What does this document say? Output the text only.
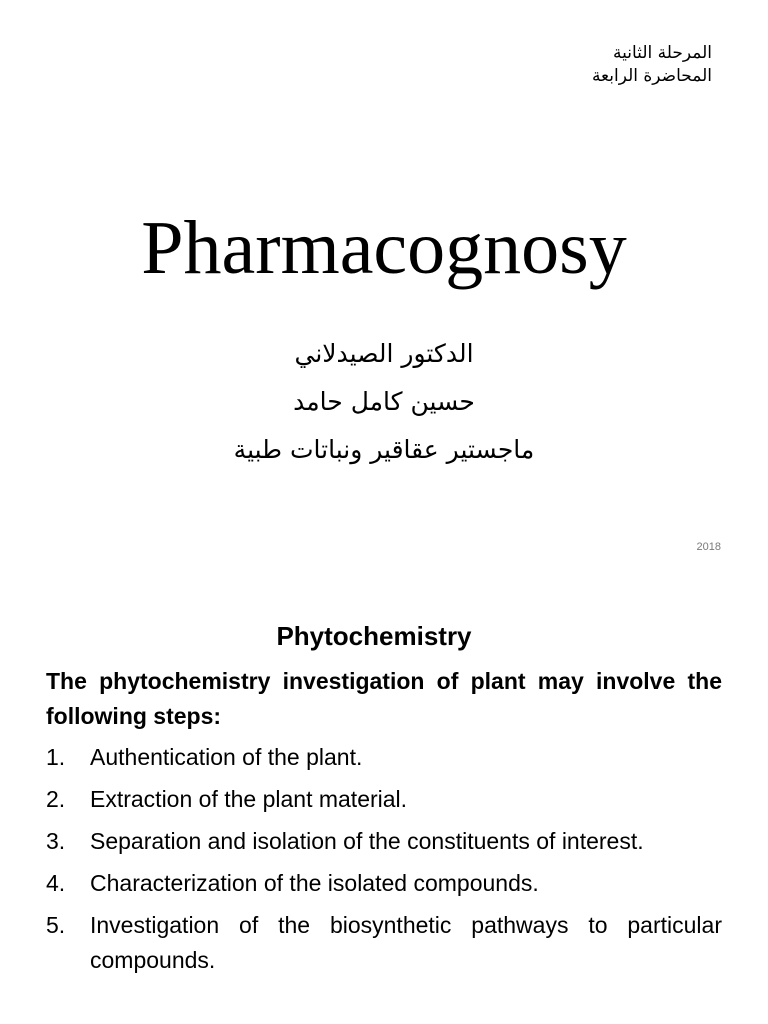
المرحلة الثانية
المحاضرة الرابعة
Pharmacognosy
الدكتور الصيدلاني
حسين كامل حامد
ماجستير عقاقير ونباتات طبية
2018
Phytochemistry
The phytochemistry investigation of plant may involve the following steps:
1.	Authentication of the plant.
2.	Extraction of the plant material.
3.	Separation and isolation of the constituents of interest.
4.	Characterization of the isolated compounds.
5.	Investigation of the biosynthetic pathways to particular compounds.
